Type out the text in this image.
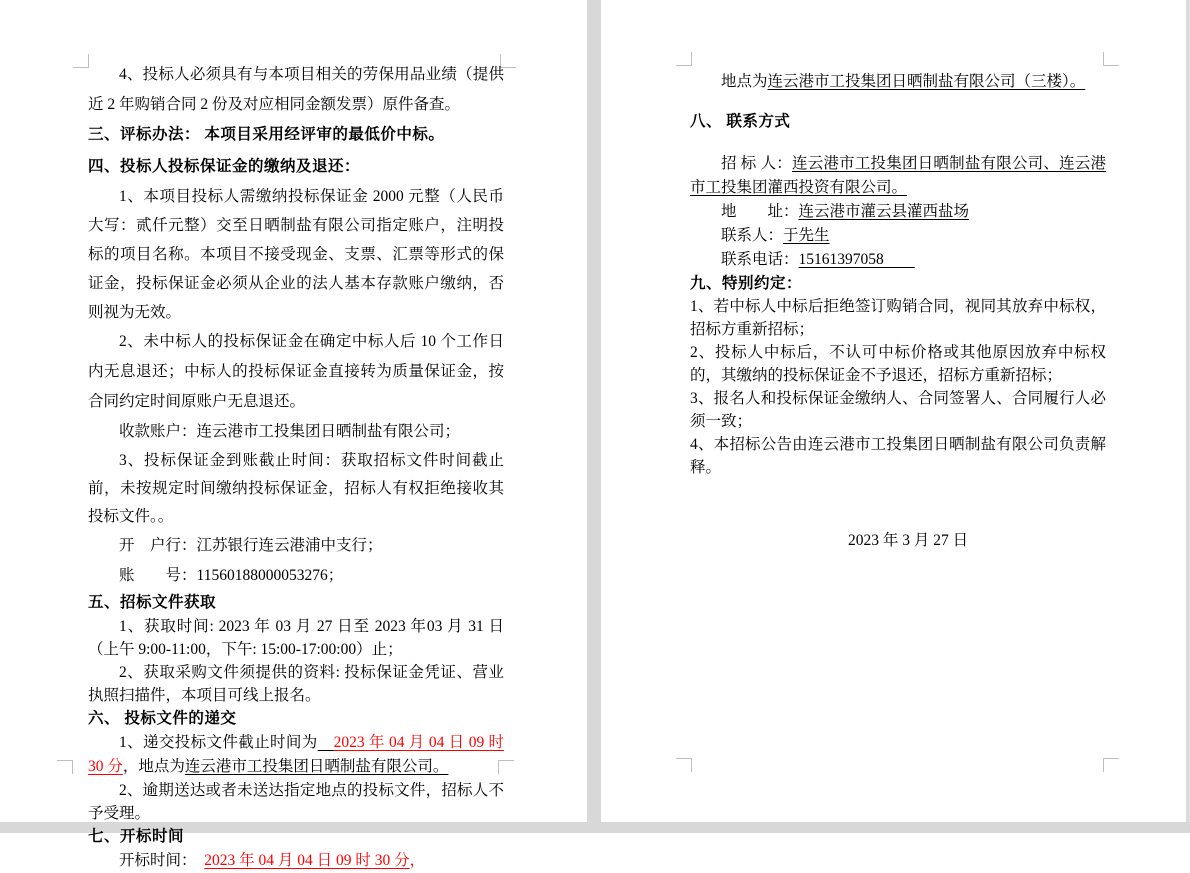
4、投标人必须具有与本项目相关的劳保用品业绩（提供近 2 年购销合同 2 份及对应相同金额发票）原件备查。

三、评标办法： 本项目采用经评审的最低价中标。

四、投标人投标保证金的缴纳及退还：

1、本项目投标人需缴纳投标保证金 2000 元整（人民币大写：贰仟元整）交至日晒制盐有限公司指定账户，注明投标的项目名称。本项目不接受现金、支票、汇票等形式的保证金，投标保证金必须从企业的法人基本存款账户缴纳，否则视为无效。

2、未中标人的投标保证金在确定中标人后 10 个工作日内无息退还；中标人的投标保证金直接转为质量保证金，按合同约定时间原账户无息退还。

收款账户：连云港市工投集团日晒制盐有限公司；

3、投标保证金到账截止时间：获取招标文件时间截止前，未按规定时间缴纳投标保证金，招标人有权拒绝接收其投标文件。。

开　户行：江苏银行连云港浦中支行；

账　　号：11560188000053276；

五、招标文件获取

1、获取时间: 2023 年 03 月 27 日至 2023 年03 月 31 日（上午 9:00-11:00，下午: 15:00-17:00:00）止；

2、获取采购文件须提供的资料: 投标保证金凭证、营业执照扫描件，本项目可线上报名。

六、 投标文件的递交

1、递交投标文件截止时间为　 2023 年 04 月 04 日 09 时 30 分，地点为连云港市工投集团日晒制盐有限公司。

2、逾期送达或者未送达指定地点的投标文件，招标人不予受理。

七、开标时间

开标时间：　2023 年 04 月 04 日 09 时 30 分，

地点为连云港市工投集团日晒制盐有限公司（三楼）。

八、 联系方式

招 标 人：连云港市工投集团日晒制盐有限公司、连云港市工投集团灌西投资有限公司。

地　　址：连云港市灌云县灌西盐场

联系人：于先生

联系电话：15161397058　　

九、特别约定：

1、若中标人中标后拒绝签订购销合同，视同其放弃中标权，招标方重新招标；

2、投标人中标后，不认可中标价格或其他原因放弃中标权的，其缴纳的投标保证金不予退还，招标方重新招标；

3、报名人和投标保证金缴纳人、合同签署人、合同履行人必须一致；

4、本招标公告由连云港市工投集团日晒制盐有限公司负责解释。

2023 年 3 月 27 日
